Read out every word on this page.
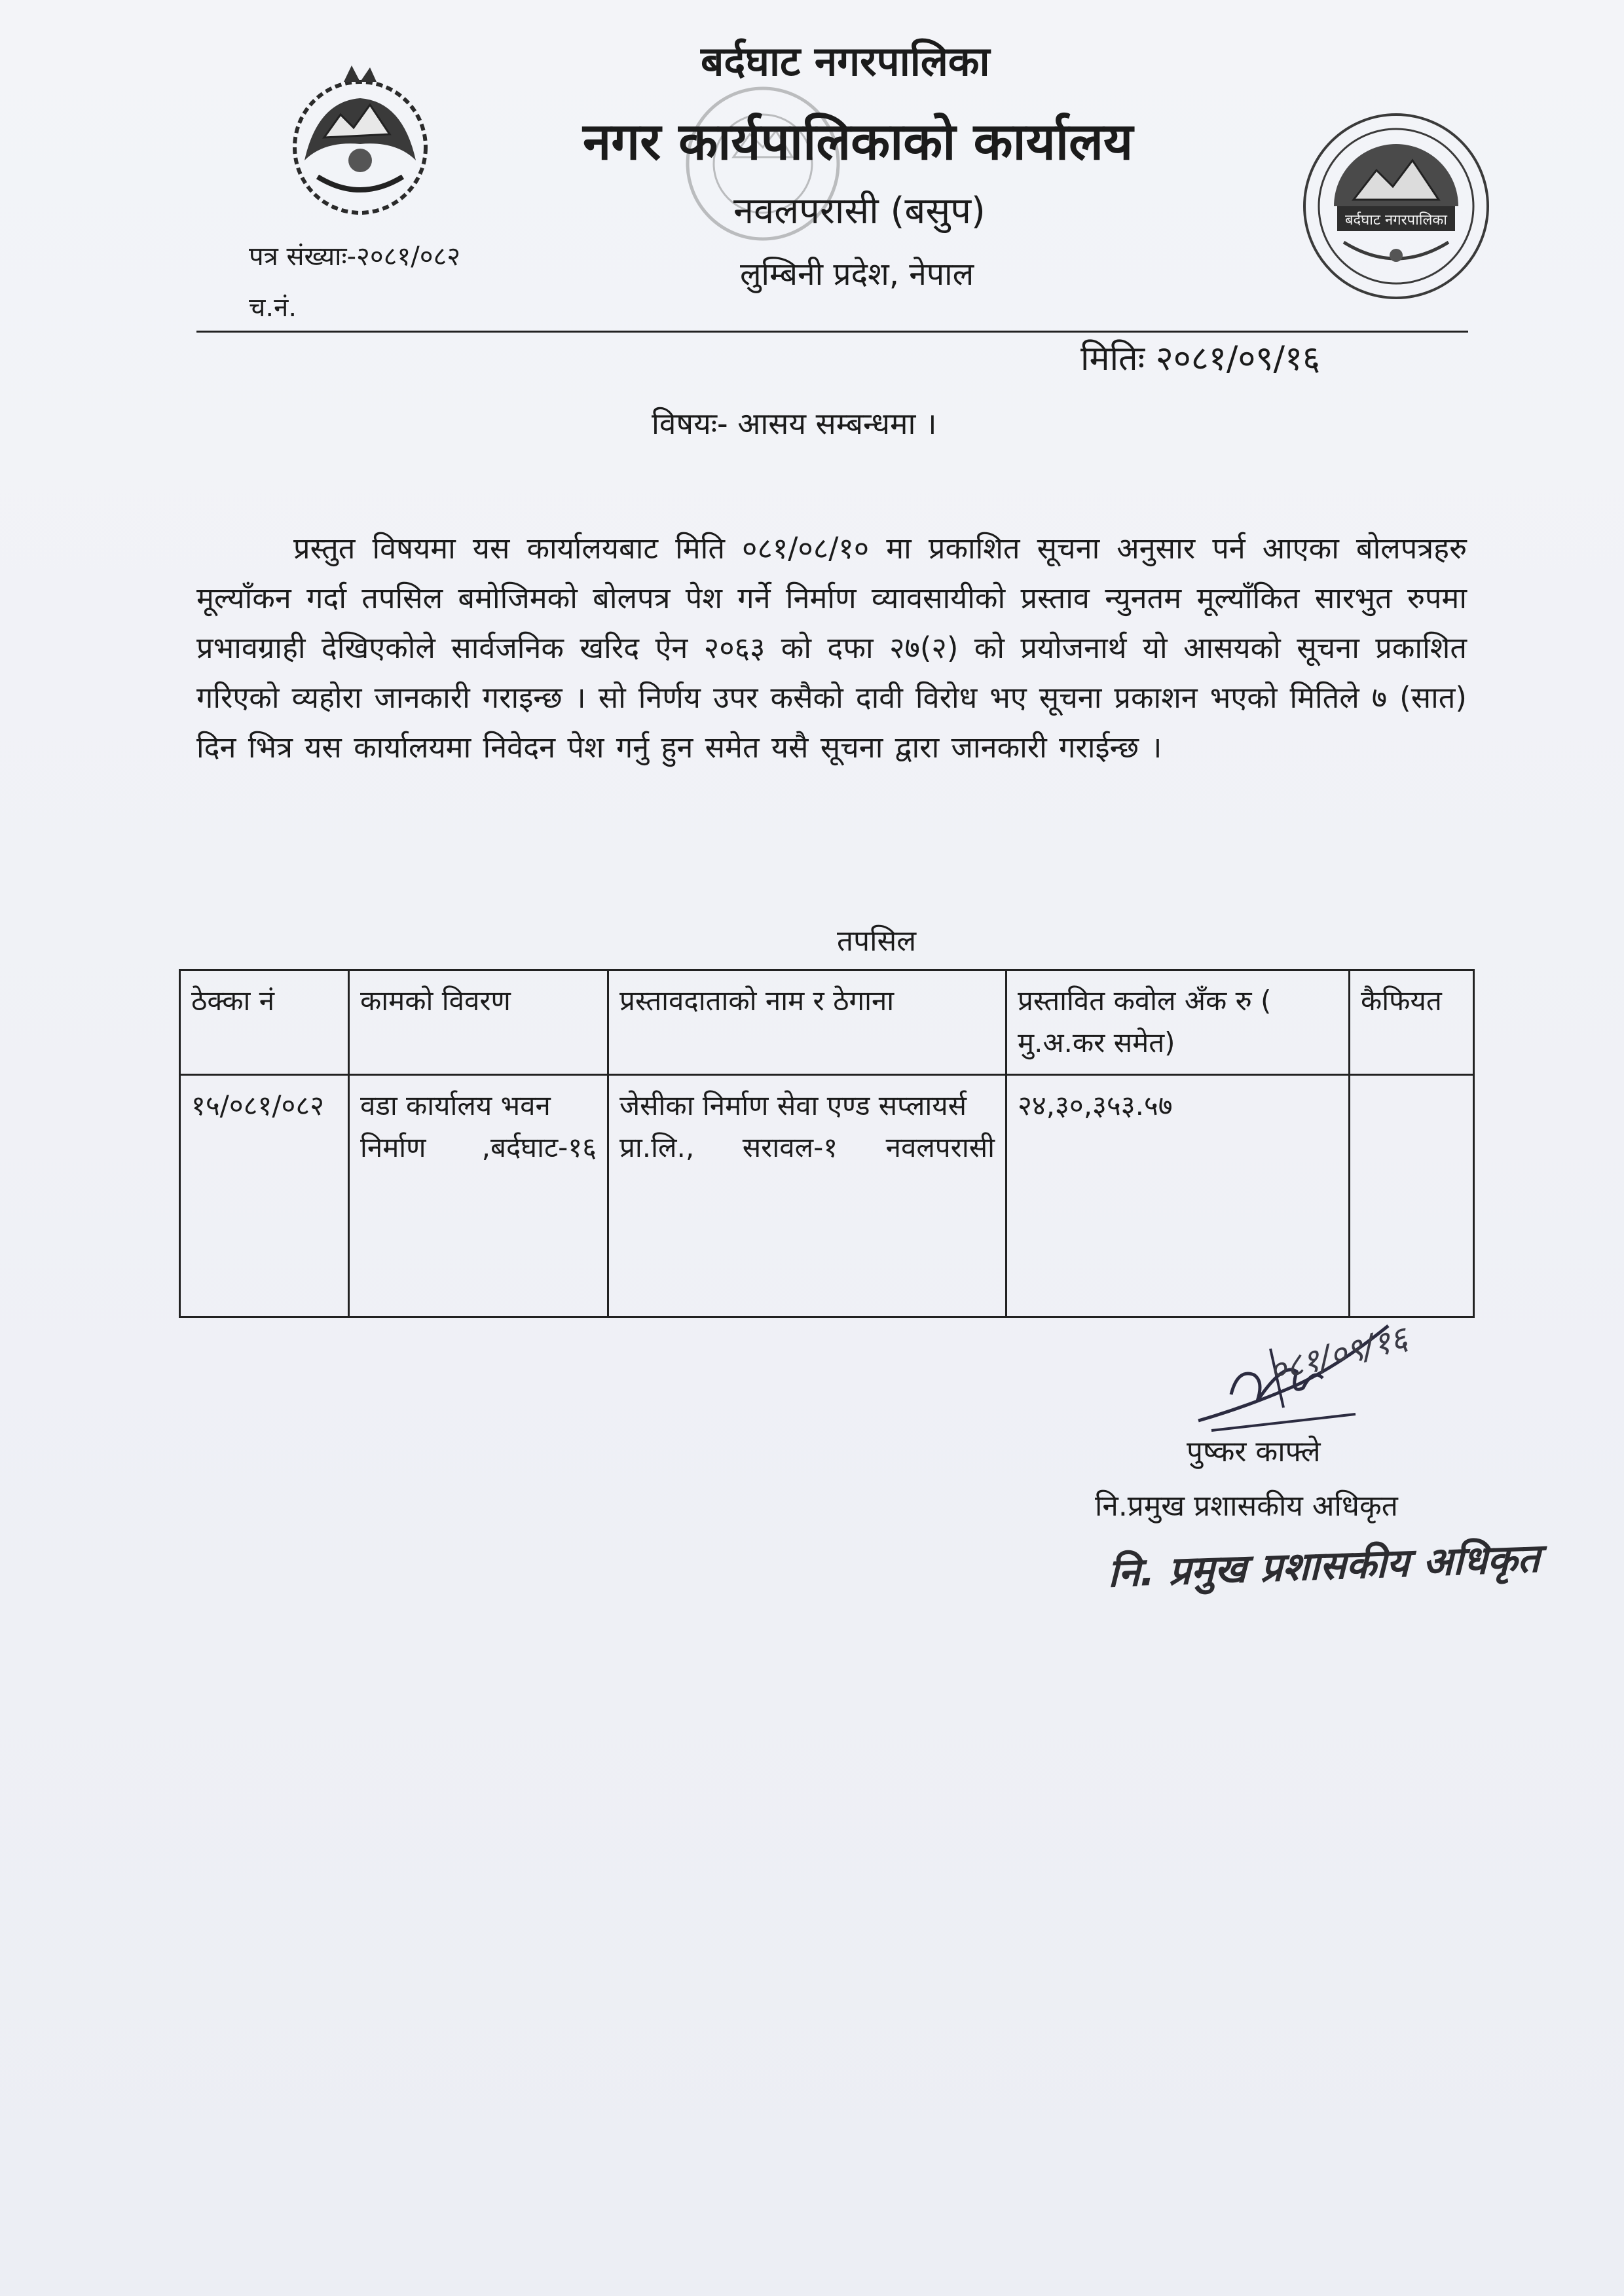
बर्दघाट नगरपालिका
बर्दघाट नगरपालिका
नगर कार्यपालिकाको कार्यालय
नवलपरासी (बसुप)
लुम्बिनी प्रदेश, नेपाल
पत्र संख्याः-२०८१/०८२
च.नं.
मितिः २०८१/०९/१६
विषयः- आसय सम्बन्धमा ।
प्रस्तुत विषयमा यस कार्यालयबाट मिति ०८१/०८/१० मा प्रकाशित सूचना अनुसार पर्न आएका बोलपत्रहरु मूल्याँकन गर्दा तपसिल बमोजिमको बोलपत्र पेश गर्ने निर्माण व्यावसायीको प्रस्ताव न्युनतम मूल्याँकित सारभुत रुपमा प्रभावग्राही देखिएकोले सार्वजनिक खरिद ऐन २०६३ को दफा २७(२) को प्रयोजनार्थ यो आसयको सूचना प्रकाशित गरिएको व्यहोरा जानकारी गराइन्छ । सो निर्णय उपर कसैको दावी विरोध भए सूचना प्रकाशन भएको मितिले ७ (सात) दिन भित्र यस कार्यालयमा निवेदन पेश गर्नु हुन समेत यसै सूचना द्वारा जानकारी गराईन्छ ।
तपसिल
ठेक्का नं	कामको विवरण	प्रस्तावदाताको नाम र ठेगाना	प्रस्तावित कवोल अँक रु ( मु.अ.कर समेत)	कैफियत
१५/०८१/०८२	वडा कार्यालय भवन निर्माण ,बर्दघाट-१६	जेसीका निर्माण सेवा एण्ड सप्लायर्स प्रा.लि., सरावल-१ नवलपरासी	२४,३०,३५३.५७	
०८१/०९/१६
पुष्कर काफ्ले
नि.प्रमुख प्रशासकीय अधिकृत
नि. प्रमुख प्रशासकीय अधिकृत
